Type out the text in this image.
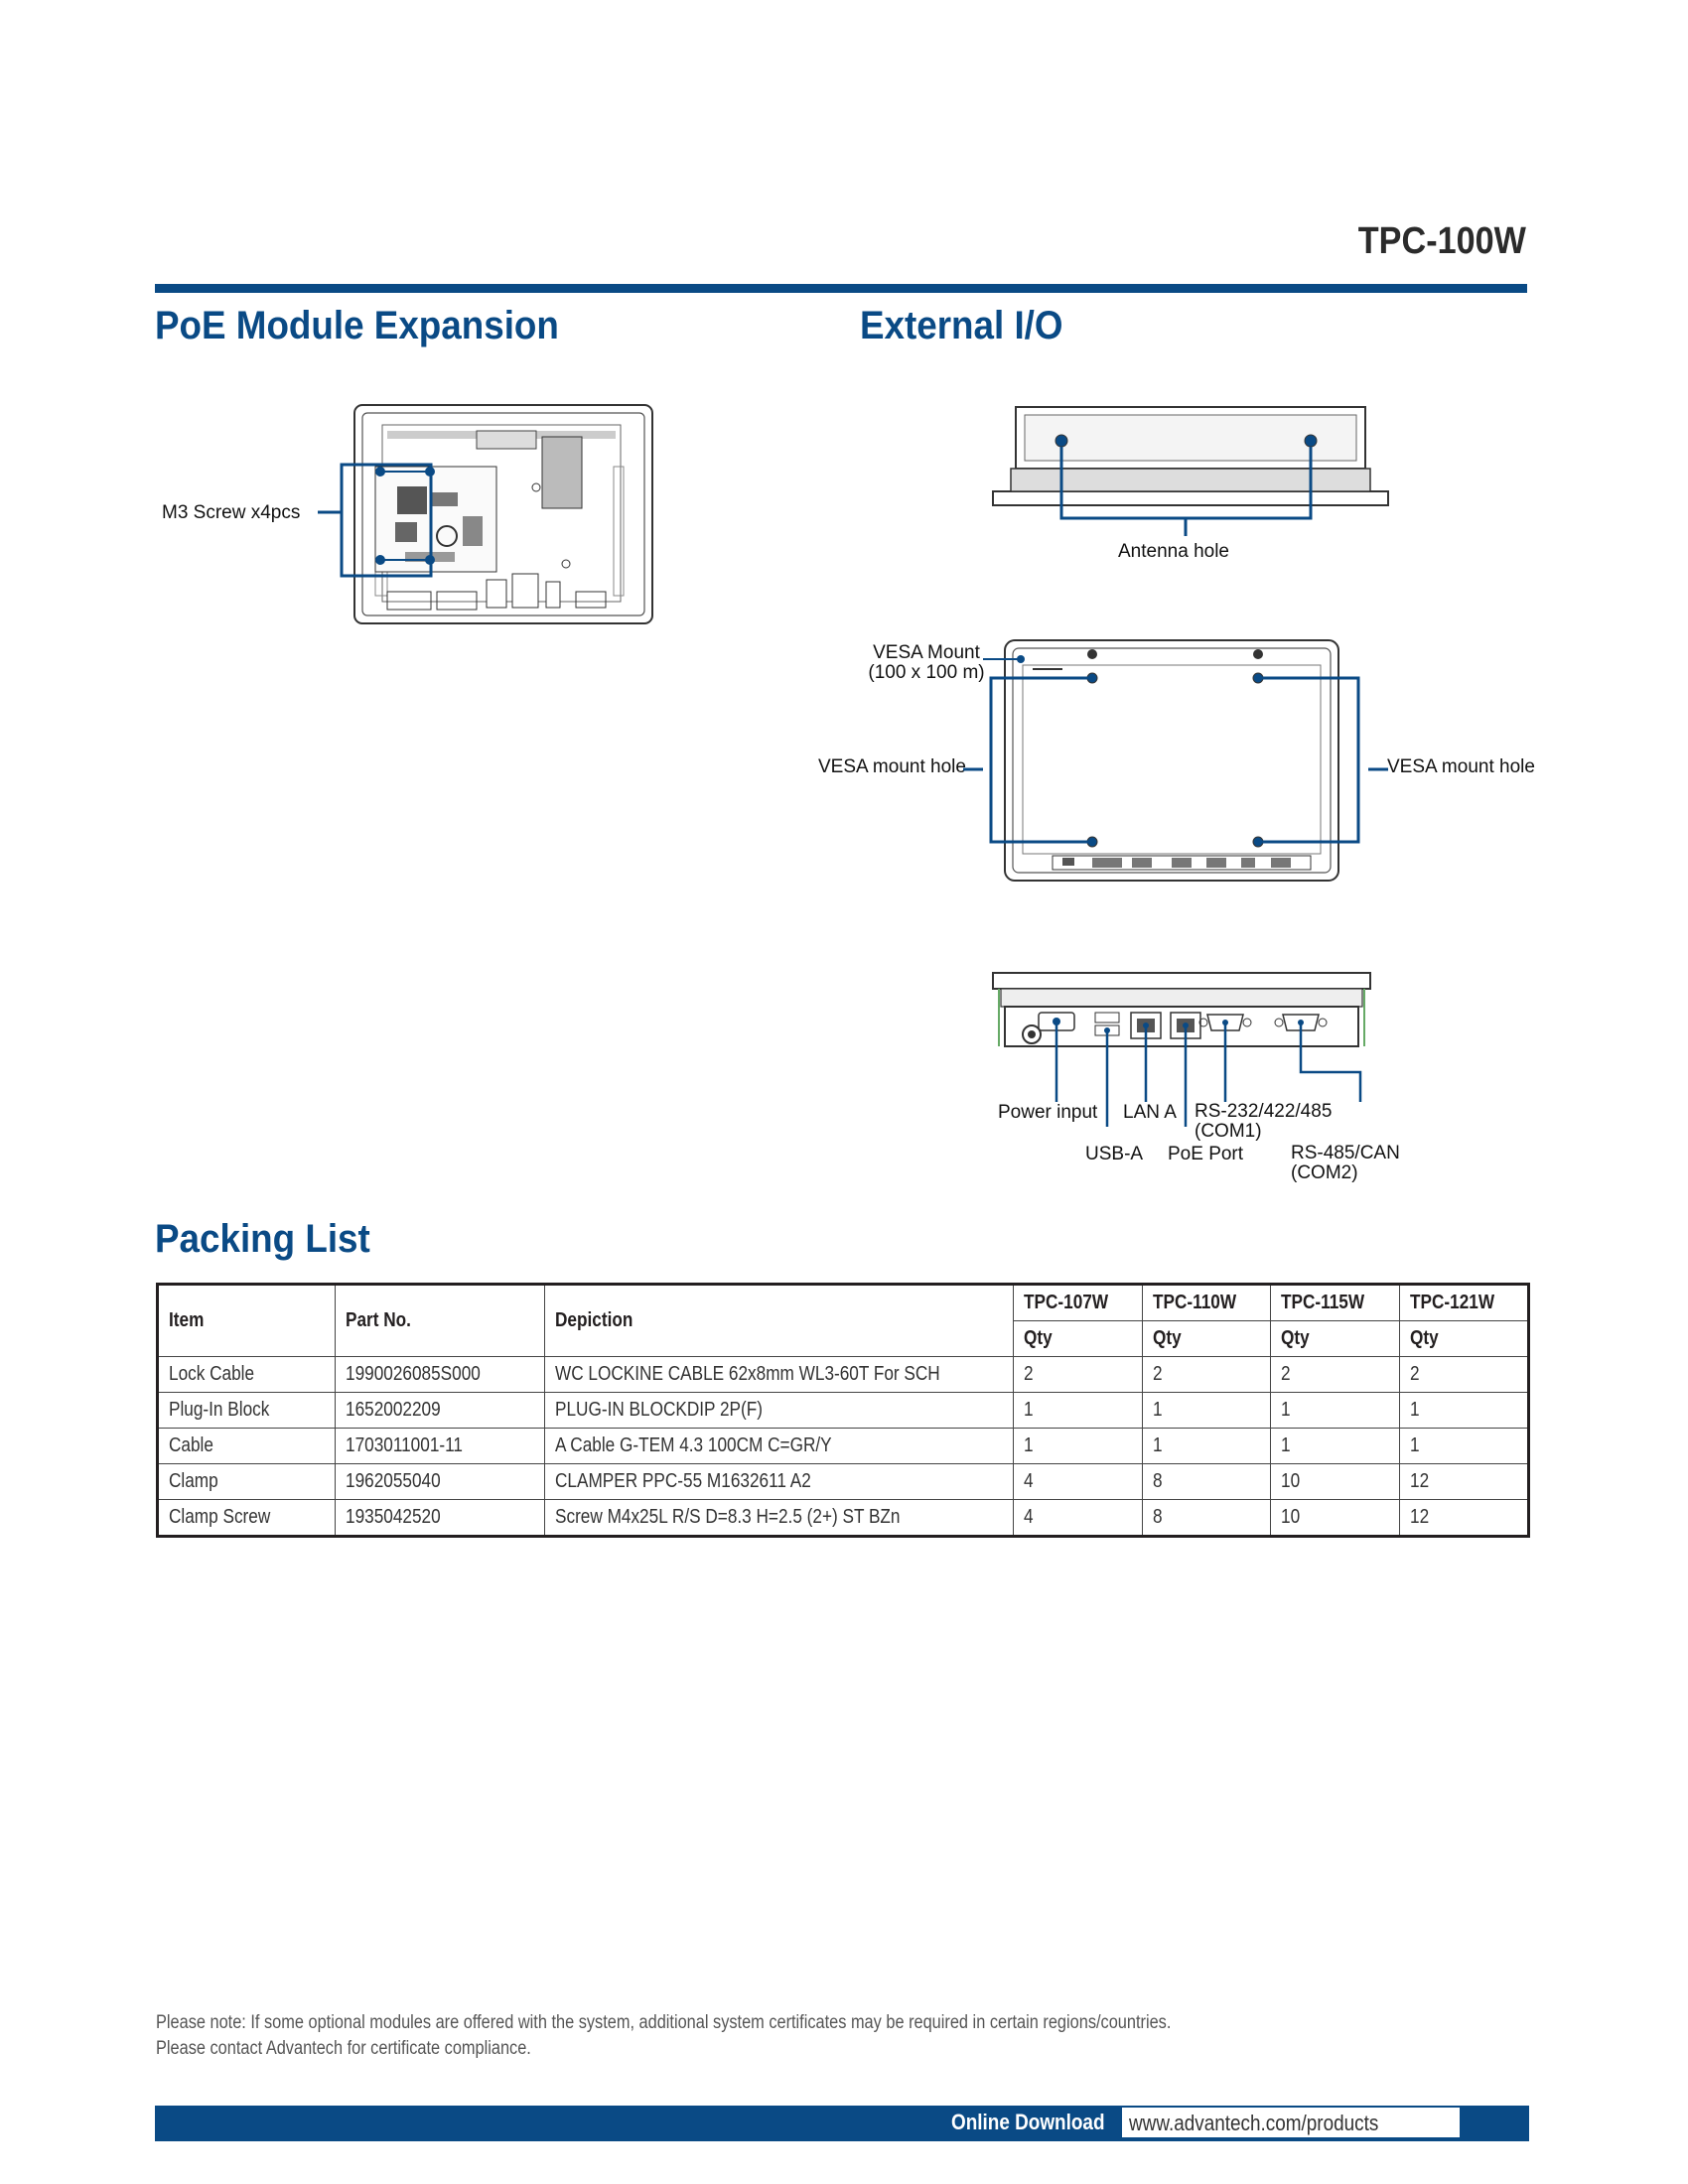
TPC-100W
PoE Module Expansion	External I/O
M3 Screw x4pcs
Antenna hole
VESA Mount
(100 x 100 m)
VESA mount hole	VESA mount hole
Power input
USB-A
LAN A
PoE Port
RS-232/422/485
(COM1)
RS-485/CAN
(COM2)
Packing List
Item	Part No.	Depiction	TPC-107W	TPC-110W	TPC-115W	TPC-121W
			Qty	Qty	Qty	Qty
Lock Cable	1990026085S000	WC LOCKINE CABLE 62x8mm WL3-60T For SCH	2	2	2	2
Plug-In Block	1652002209	PLUG-IN BLOCKDIP 2P(F)	1	1	1	1
Cable	1703011001-11	A Cable G-TEM 4.3 100CM C=GR/Y	1	1	1	1
Clamp	1962055040	CLAMPER PPC-55 M1632611 A2	4	8	10	12
Clamp Screw	1935042520	Screw M4x25L R/S D=8.3 H=2.5 (2+) ST BZn	4	8	10	12
Please note: If some optional modules are offered with the system, additional system certificates may be required in certain regions/countries.
Please contact Advantech for certificate compliance.
Online Download www.advantech.com/products
